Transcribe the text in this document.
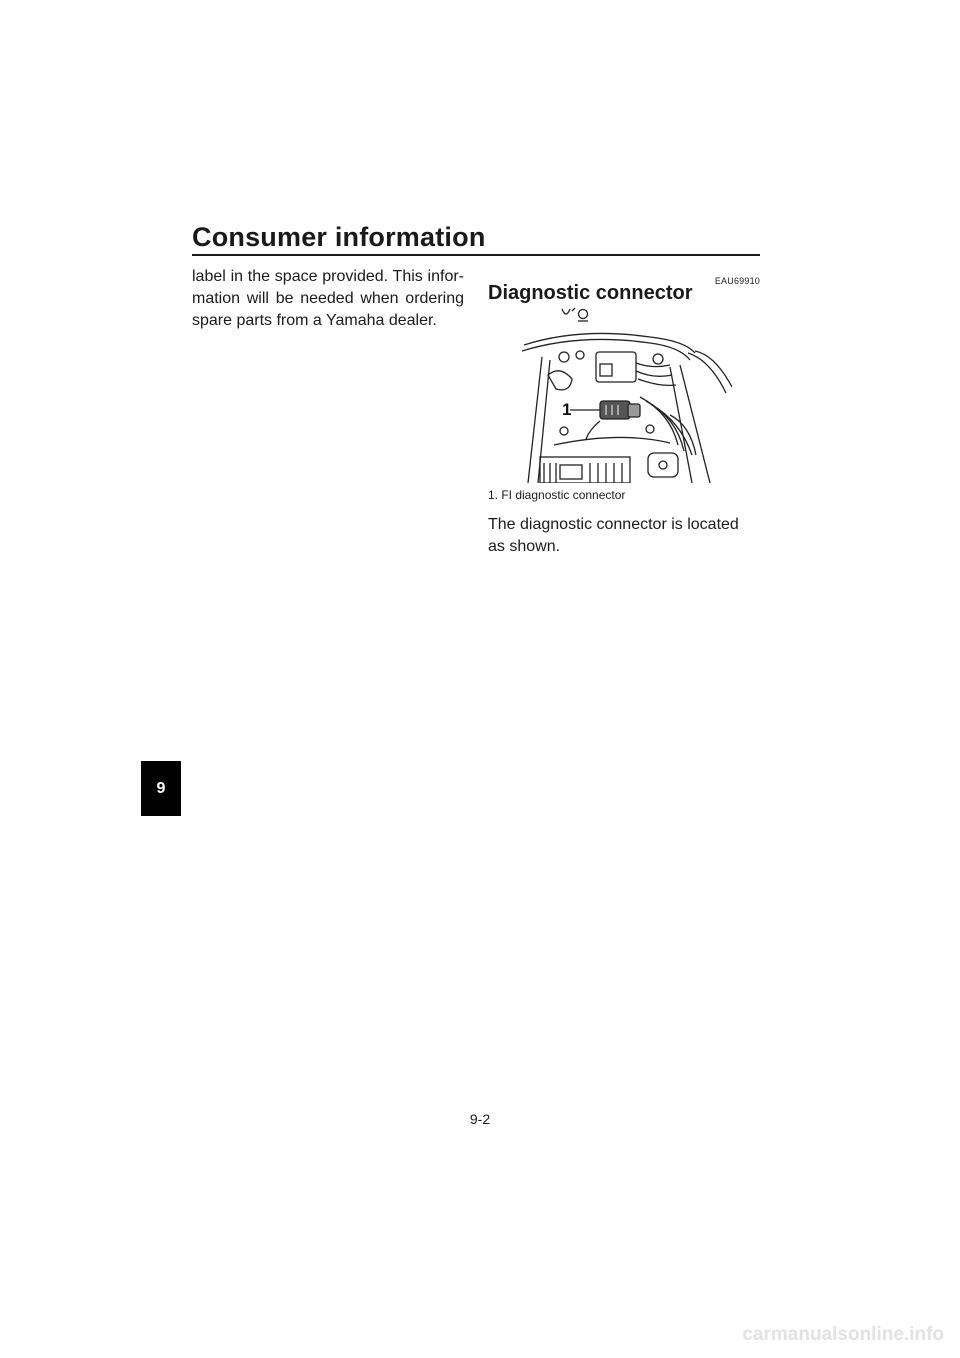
Consumer information
label in the space provided. This infor-mation will be needed when ordering spare parts from a Yamaha dealer.
EAU69910
Diagnostic connector
1
1. FI diagnostic connector
The diagnostic connector is located as shown.
9
9-2
carmanualsonline.info
